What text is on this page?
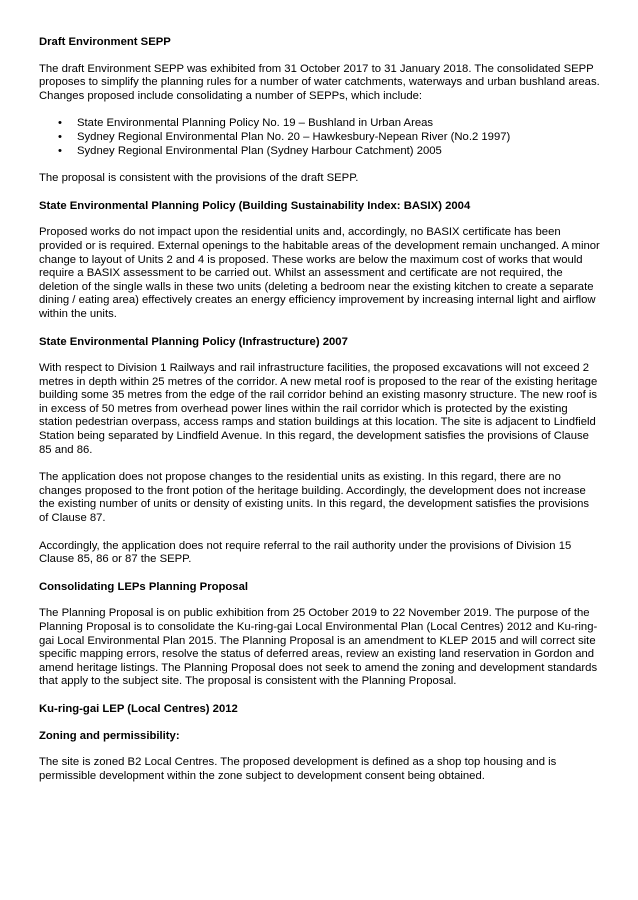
Draft Environment SEPP

The draft Environment SEPP was exhibited from 31 October 2017 to 31 January 2018. The consolidated SEPP proposes to simplify the planning rules for a number of water catchments, waterways and urban bushland areas. Changes proposed include consolidating a number of SEPPs, which include:

• State Environmental Planning Policy No. 19 – Bushland in Urban Areas
• Sydney Regional Environmental Plan No. 20 – Hawkesbury-Nepean River (No.2 1997)
• Sydney Regional Environmental Plan (Sydney Harbour Catchment) 2005

The proposal is consistent with the provisions of the draft SEPP.

State Environmental Planning Policy (Building Sustainability Index: BASIX) 2004

Proposed works do not impact upon the residential units and, accordingly, no BASIX certificate has been provided or is required. External openings to the habitable areas of the development remain unchanged. A minor change to layout of Units 2 and 4 is proposed. These works are below the maximum cost of works that would require a BASIX assessment to be carried out. Whilst an assessment and certificate are not required, the deletion of the single walls in these two units (deleting a bedroom near the existing kitchen to create a separate dining / eating area) effectively creates an energy efficiency improvement by increasing internal light and airflow within the units.

State Environmental Planning Policy (Infrastructure) 2007

With respect to Division 1 Railways and rail infrastructure facilities, the proposed excavations will not exceed 2 metres in depth within 25 metres of the corridor. A new metal roof is proposed to the rear of the existing heritage building some 35 metres from the edge of the rail corridor behind an existing masonry structure. The new roof is in excess of 50 metres from overhead power lines within the rail corridor which is protected by the existing station pedestrian overpass, access ramps and station buildings at this location. The site is adjacent to Lindfield Station being separated by Lindfield Avenue. In this regard, the development satisfies the provisions of Clause 85 and 86.

The application does not propose changes to the residential units as existing. In this regard, there are no changes proposed to the front potion of the heritage building. Accordingly, the development does not increase the existing number of units or density of existing units. In this regard, the development satisfies the provisions of Clause 87.

Accordingly, the application does not require referral to the rail authority under the provisions of Division 15 Clause 85, 86 or 87 the SEPP.

Consolidating LEPs Planning Proposal

The Planning Proposal is on public exhibition from 25 October 2019 to 22 November 2019. The purpose of the Planning Proposal is to consolidate the Ku-ring-gai Local Environmental Plan (Local Centres) 2012 and Ku-ring-gai Local Environmental Plan 2015. The Planning Proposal is an amendment to KLEP 2015 and will correct site specific mapping errors, resolve the status of deferred areas, review an existing land reservation in Gordon and amend heritage listings. The Planning Proposal does not seek to amend the zoning and development standards that apply to the subject site. The proposal is consistent with the Planning Proposal.

Ku-ring-gai LEP (Local Centres) 2012
Zoning and permissibility:

The site is zoned B2 Local Centres. The proposed development is defined as a shop top housing and is permissible development within the zone subject to development consent being obtained.
